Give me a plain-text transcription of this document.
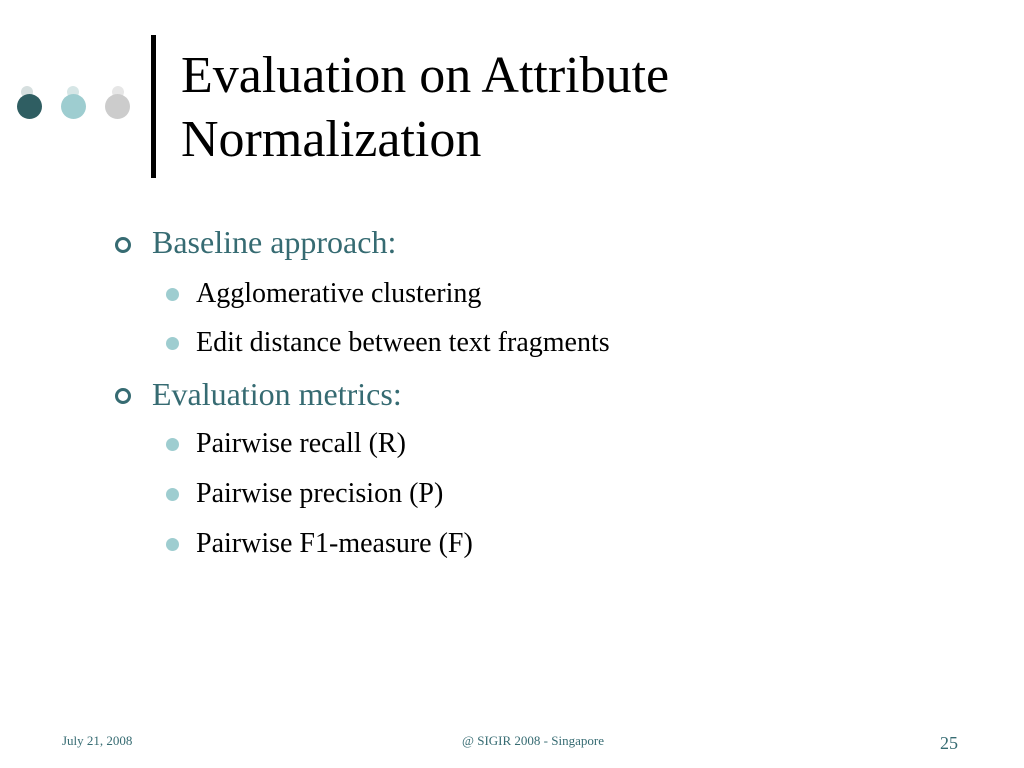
Evaluation on Attribute Normalization
Baseline approach:
Agglomerative clustering
Edit distance between text fragments
Evaluation metrics:
Pairwise recall (R)
Pairwise precision (P)
Pairwise F1-measure (F)
July 21, 2008	@ SIGIR 2008 - Singapore	25
